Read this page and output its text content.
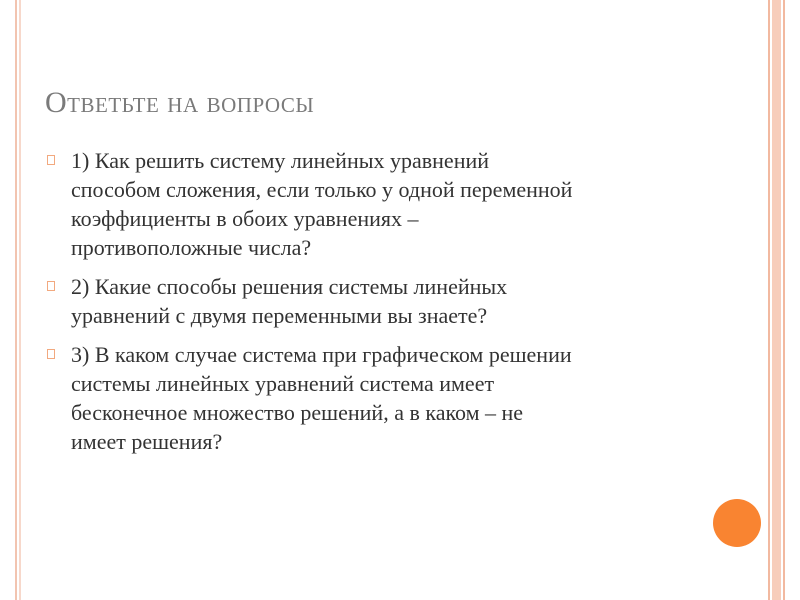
Ответьте на вопросы
1) Как решить систему линейных уравнений
способом сложения, если только у одной переменной
коэффициенты в обоих уравнениях –
противоположные числа?
2) Какие способы решения системы линейных
уравнений с двумя переменными вы знаете?
3) В каком случае система при графическом решении
системы линейных уравнений система имеет
бесконечное множество решений, а в каком – не
имеет решения?
